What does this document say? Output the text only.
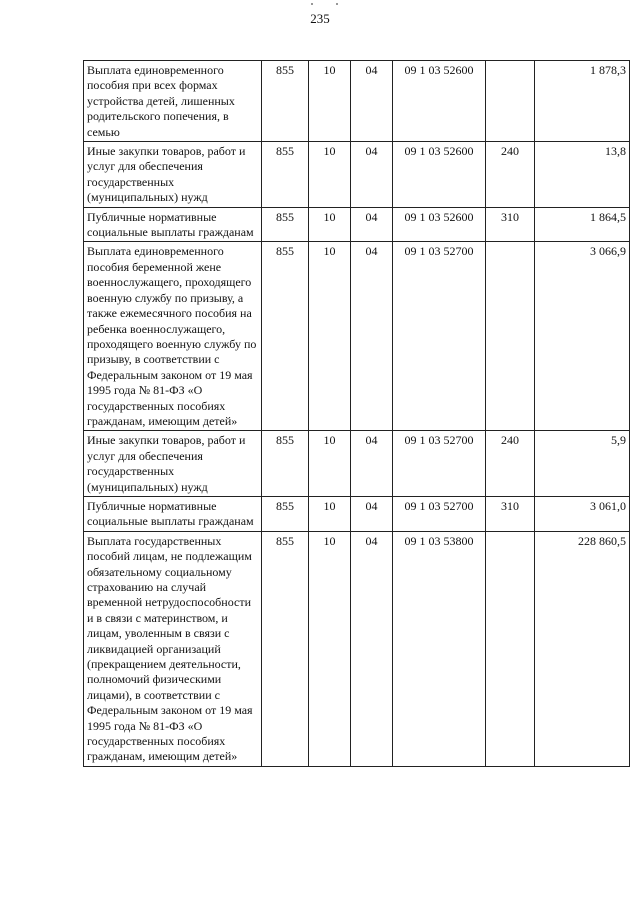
235
Выплата единовременного пособия при всех формах устройства детей, лишенных родительского попечения, в семью	855	10	04	09 1 03 52600		1 878,3
Иные закупки товаров, работ и услуг для обеспечения государственных (муниципальных) нужд	855	10	04	09 1 03 52600	240	13,8
Публичные нормативные социальные выплаты гражданам	855	10	04	09 1 03 52600	310	1 864,5
Выплата единовременного пособия беременной жене военнослужащего, проходящего военную службу по призыву, а также ежемесячного пособия на ребенка военнослужащего, проходящего военную службу по призыву, в соответствии с Федеральным законом от 19 мая 1995 года № 81-ФЗ «О государственных пособиях гражданам, имеющим детей»	855	10	04	09 1 03 52700		3 066,9
Иные закупки товаров, работ и услуг для обеспечения государственных (муниципальных) нужд	855	10	04	09 1 03 52700	240	5,9
Публичные нормативные социальные выплаты гражданам	855	10	04	09 1 03 52700	310	3 061,0
Выплата государственных пособий лицам, не подлежащим обязательному социальному страхованию на случай временной нетрудоспособности и в связи с материнством, и лицам, уволенным в связи с ликвидацией организаций (прекращением деятельности, полномочий физическими лицами), в соответствии с Федеральным законом от 19 мая 1995 года № 81-ФЗ «О государственных пособиях гражданам, имеющим детей»	855	10	04	09 1 03 53800		228 860,5
